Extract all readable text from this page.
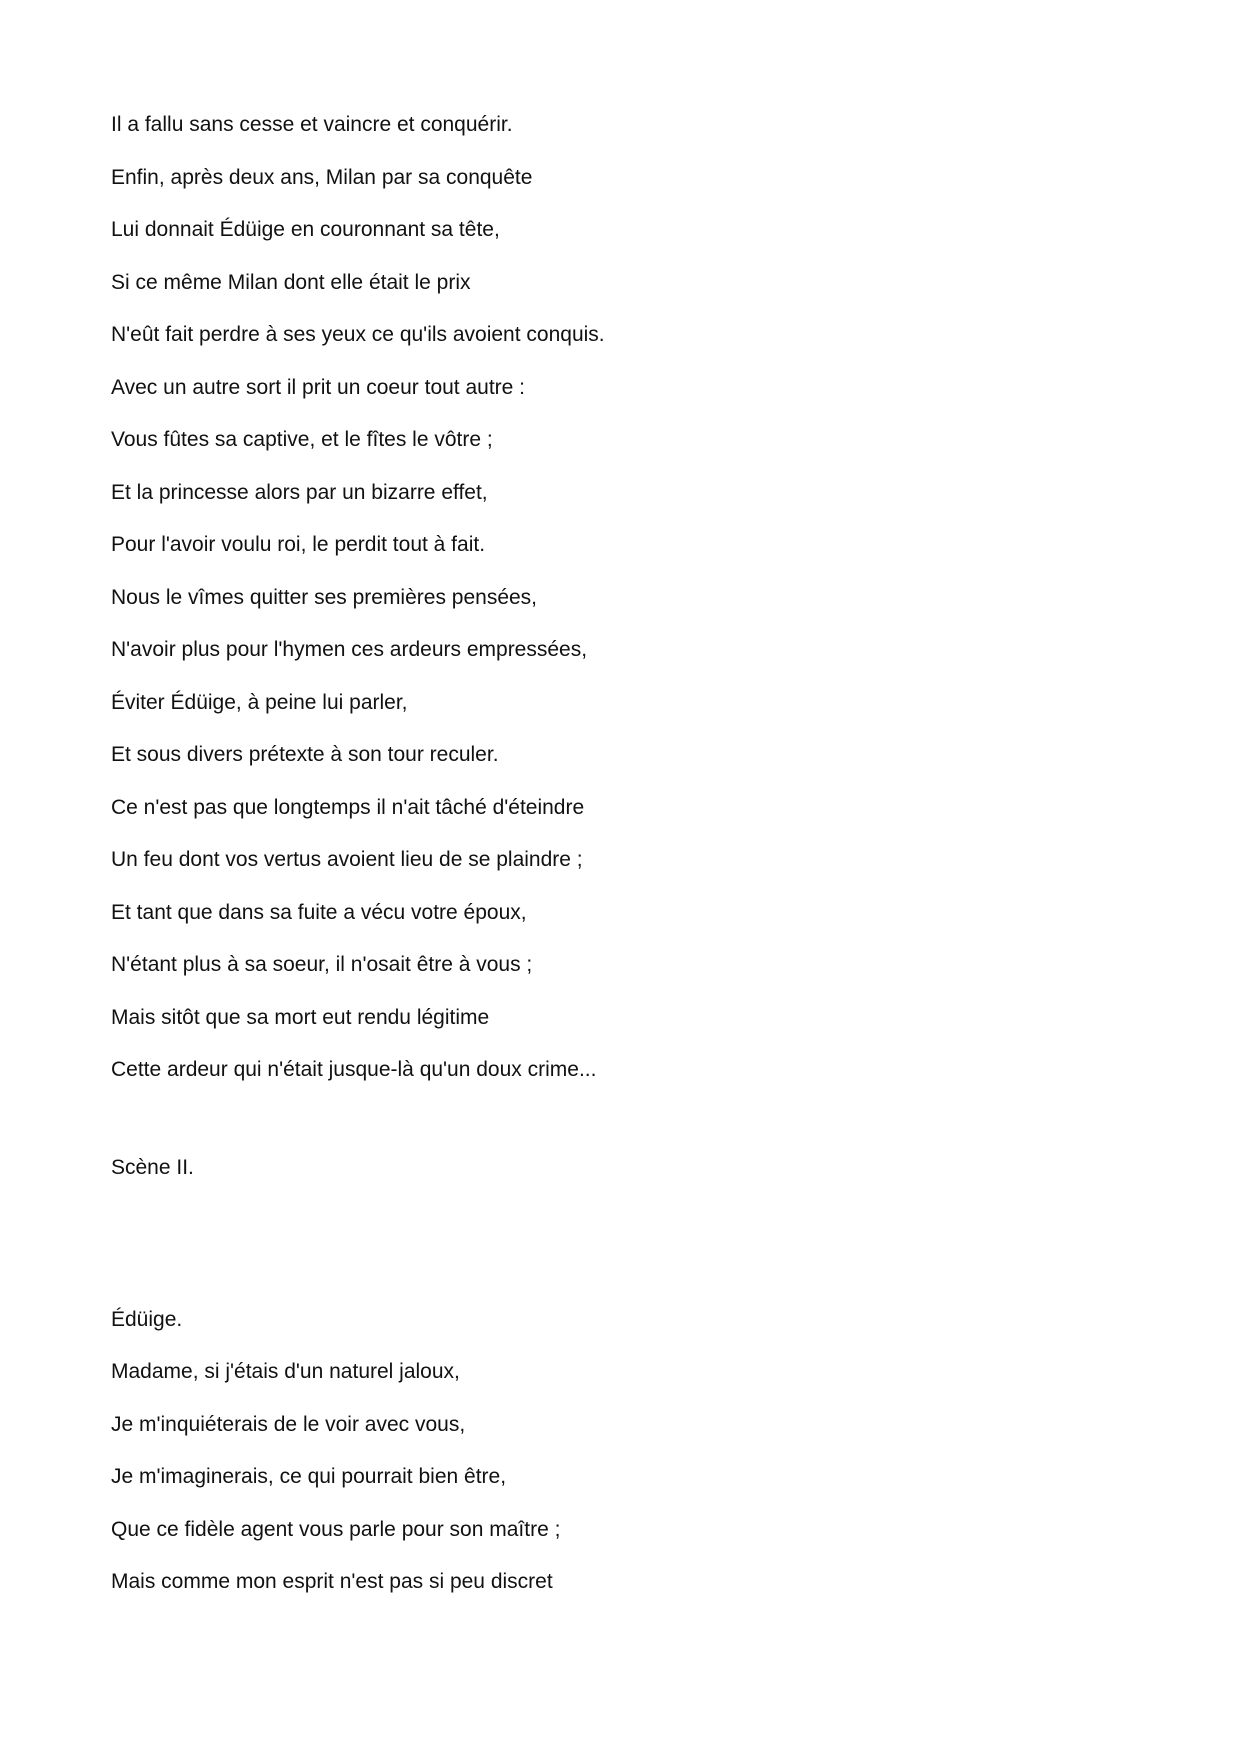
Il a fallu sans cesse et vaincre et conquérir.
Enfin, après deux ans, Milan par sa conquête
Lui donnait Édüige en couronnant sa tête,
Si ce même Milan dont elle était le prix
N'eût fait perdre à ses yeux ce qu'ils avoient conquis.
Avec un autre sort il prit un coeur tout autre :
Vous fûtes sa captive, et le fîtes le vôtre ;
Et la princesse alors par un bizarre effet,
Pour l'avoir voulu roi, le perdit tout à fait.
Nous le vîmes quitter ses premières pensées,
N'avoir plus pour l'hymen ces ardeurs empressées,
Éviter Édüige, à peine lui parler,
Et sous divers prétexte à son tour reculer.
Ce n'est pas que longtemps il n'ait tâché d'éteindre
Un feu dont vos vertus avoient lieu de se plaindre ;
Et tant que dans sa fuite a vécu votre époux,
N'étant plus à sa soeur, il n'osait être à vous ;
Mais sitôt que sa mort eut rendu légitime
Cette ardeur qui n'était jusque-là qu'un doux crime...
Scène II.
Édüige.
Madame, si j'étais d'un naturel jaloux,
Je m'inquiéterais de le voir avec vous,
Je m'imaginerais, ce qui pourrait bien être,
Que ce fidèle agent vous parle pour son maître ;
Mais comme mon esprit n'est pas si peu discret
